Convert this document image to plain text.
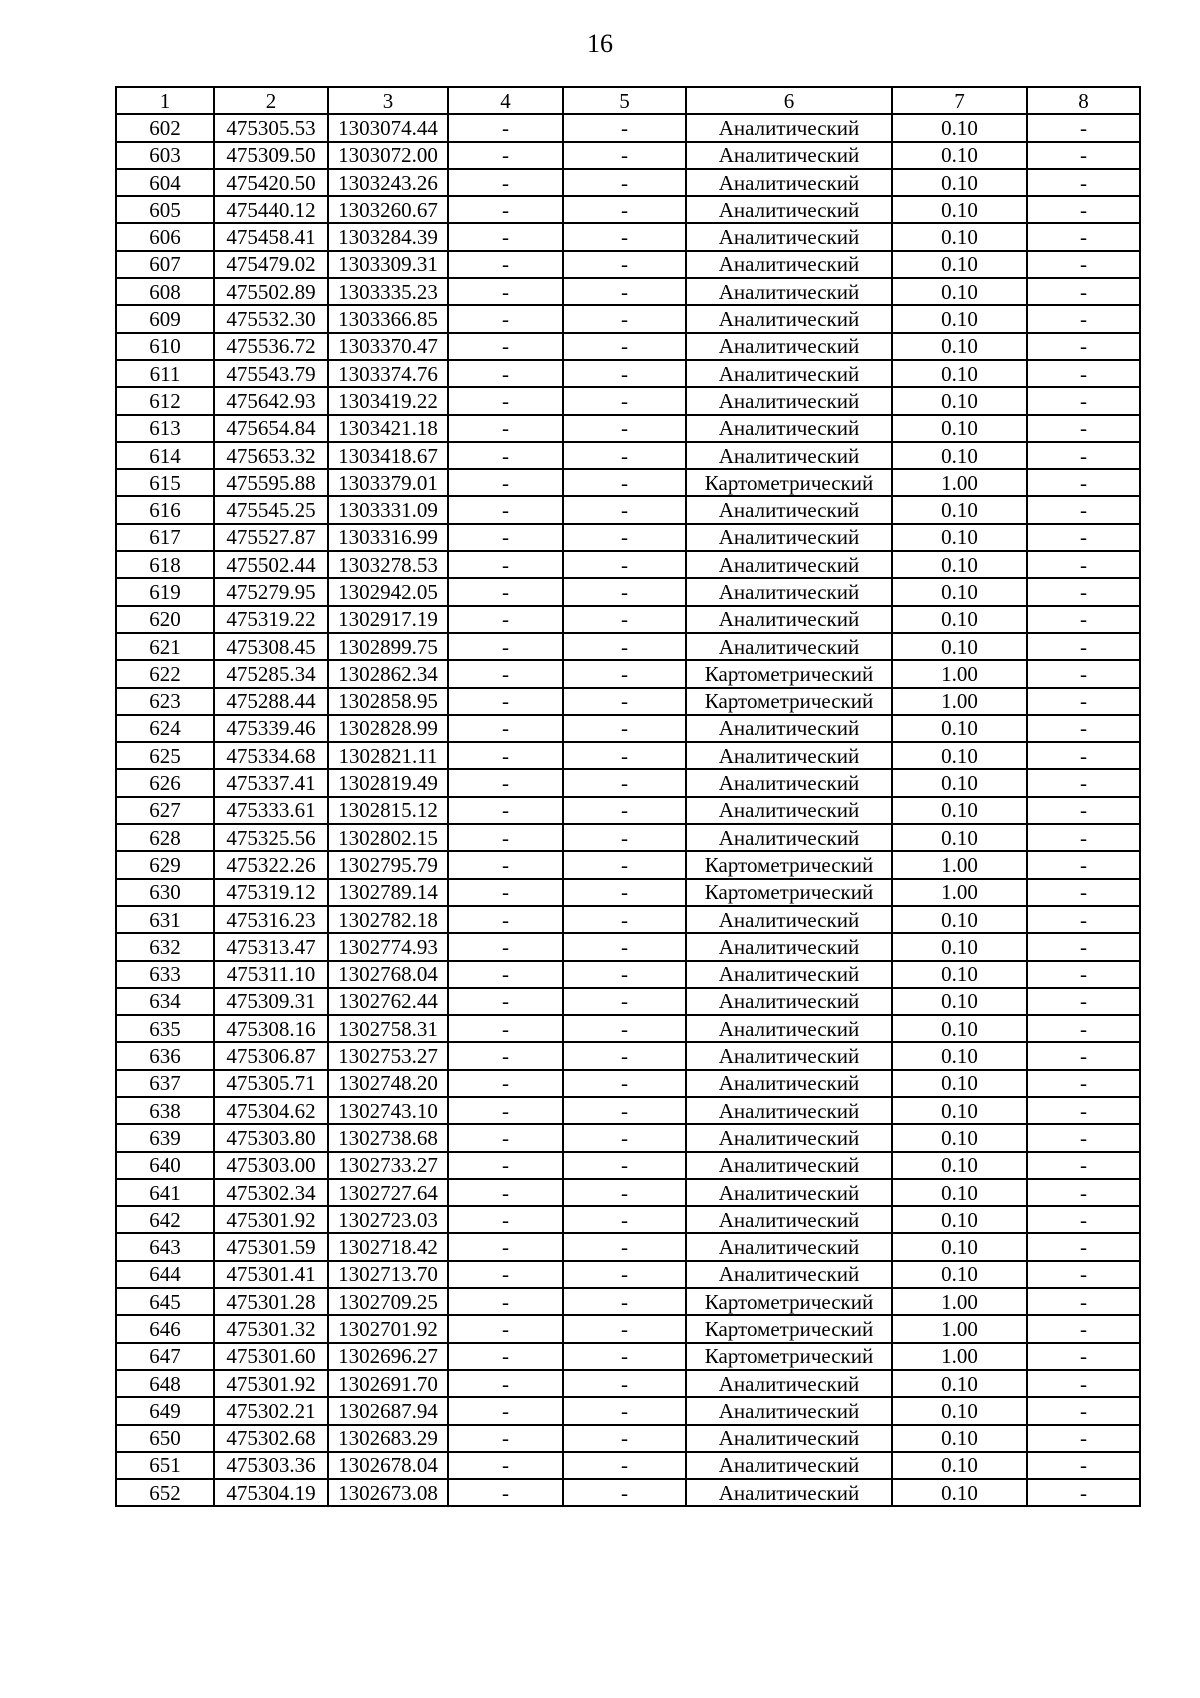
16
1	2	3	4	5	6	7	8
602	475305.53	1303074.44	-	-	Аналитический	0.10	-
603	475309.50	1303072.00	-	-	Аналитический	0.10	-
604	475420.50	1303243.26	-	-	Аналитический	0.10	-
605	475440.12	1303260.67	-	-	Аналитический	0.10	-
606	475458.41	1303284.39	-	-	Аналитический	0.10	-
607	475479.02	1303309.31	-	-	Аналитический	0.10	-
608	475502.89	1303335.23	-	-	Аналитический	0.10	-
609	475532.30	1303366.85	-	-	Аналитический	0.10	-
610	475536.72	1303370.47	-	-	Аналитический	0.10	-
611	475543.79	1303374.76	-	-	Аналитический	0.10	-
612	475642.93	1303419.22	-	-	Аналитический	0.10	-
613	475654.84	1303421.18	-	-	Аналитический	0.10	-
614	475653.32	1303418.67	-	-	Аналитический	0.10	-
615	475595.88	1303379.01	-	-	Картометрический	1.00	-
616	475545.25	1303331.09	-	-	Аналитический	0.10	-
617	475527.87	1303316.99	-	-	Аналитический	0.10	-
618	475502.44	1303278.53	-	-	Аналитический	0.10	-
619	475279.95	1302942.05	-	-	Аналитический	0.10	-
620	475319.22	1302917.19	-	-	Аналитический	0.10	-
621	475308.45	1302899.75	-	-	Аналитический	0.10	-
622	475285.34	1302862.34	-	-	Картометрический	1.00	-
623	475288.44	1302858.95	-	-	Картометрический	1.00	-
624	475339.46	1302828.99	-	-	Аналитический	0.10	-
625	475334.68	1302821.11	-	-	Аналитический	0.10	-
626	475337.41	1302819.49	-	-	Аналитический	0.10	-
627	475333.61	1302815.12	-	-	Аналитический	0.10	-
628	475325.56	1302802.15	-	-	Аналитический	0.10	-
629	475322.26	1302795.79	-	-	Картометрический	1.00	-
630	475319.12	1302789.14	-	-	Картометрический	1.00	-
631	475316.23	1302782.18	-	-	Аналитический	0.10	-
632	475313.47	1302774.93	-	-	Аналитический	0.10	-
633	475311.10	1302768.04	-	-	Аналитический	0.10	-
634	475309.31	1302762.44	-	-	Аналитический	0.10	-
635	475308.16	1302758.31	-	-	Аналитический	0.10	-
636	475306.87	1302753.27	-	-	Аналитический	0.10	-
637	475305.71	1302748.20	-	-	Аналитический	0.10	-
638	475304.62	1302743.10	-	-	Аналитический	0.10	-
639	475303.80	1302738.68	-	-	Аналитический	0.10	-
640	475303.00	1302733.27	-	-	Аналитический	0.10	-
641	475302.34	1302727.64	-	-	Аналитический	0.10	-
642	475301.92	1302723.03	-	-	Аналитический	0.10	-
643	475301.59	1302718.42	-	-	Аналитический	0.10	-
644	475301.41	1302713.70	-	-	Аналитический	0.10	-
645	475301.28	1302709.25	-	-	Картометрический	1.00	-
646	475301.32	1302701.92	-	-	Картометрический	1.00	-
647	475301.60	1302696.27	-	-	Картометрический	1.00	-
648	475301.92	1302691.70	-	-	Аналитический	0.10	-
649	475302.21	1302687.94	-	-	Аналитический	0.10	-
650	475302.68	1302683.29	-	-	Аналитический	0.10	-
651	475303.36	1302678.04	-	-	Аналитический	0.10	-
652	475304.19	1302673.08	-	-	Аналитический	0.10	-
